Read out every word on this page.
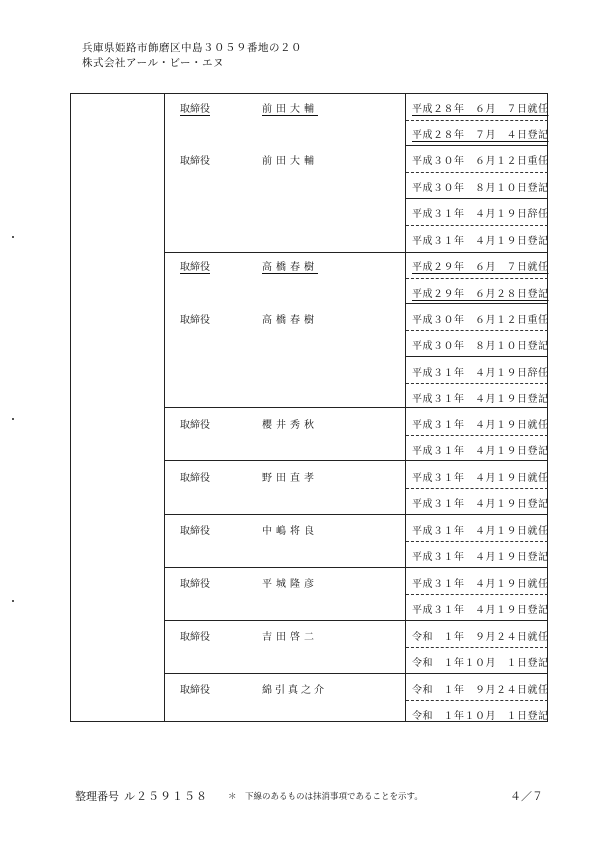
兵庫県姫路市飾磨区中島３０５９番地の２０
株式会社アール・ビー・エヌ
取締役	前田大輔	平成２８年　６月　７日就任
平成２８年　７月　４日登記
取締役	前田大輔	平成３０年　６月１２日重任
平成３０年　８月１０日登記
平成３１年　４月１９日辞任
平成３１年　４月１９日登記
取締役	高橋春樹	平成２９年　６月　７日就任
平成２９年　６月２８日登記
取締役	高橋春樹	平成３０年　６月１２日重任
平成３０年　８月１０日登記
平成３１年　４月１９日辞任
平成３１年　４月１９日登記
取締役	櫻井秀秋	平成３１年　４月１９日就任
平成３１年　４月１９日登記
取締役	野田直孝	平成３１年　４月１９日就任
平成３１年　４月１９日登記
取締役	中嶋将良	平成３１年　４月１９日就任
平成３１年　４月１９日登記
取締役	平城隆彦	平成３１年　４月１９日就任
平成３１年　４月１９日登記
取締役	吉田啓二	令和　１年　９月２４日就任
令和　１年１０月　１日登記
取締役	綿引真之介	令和　１年　９月２４日就任
令和　１年１０月　１日登記
整理番号 ル２５９１５８ ＊　下線のあるものは抹消事項であることを示す。	４／７
